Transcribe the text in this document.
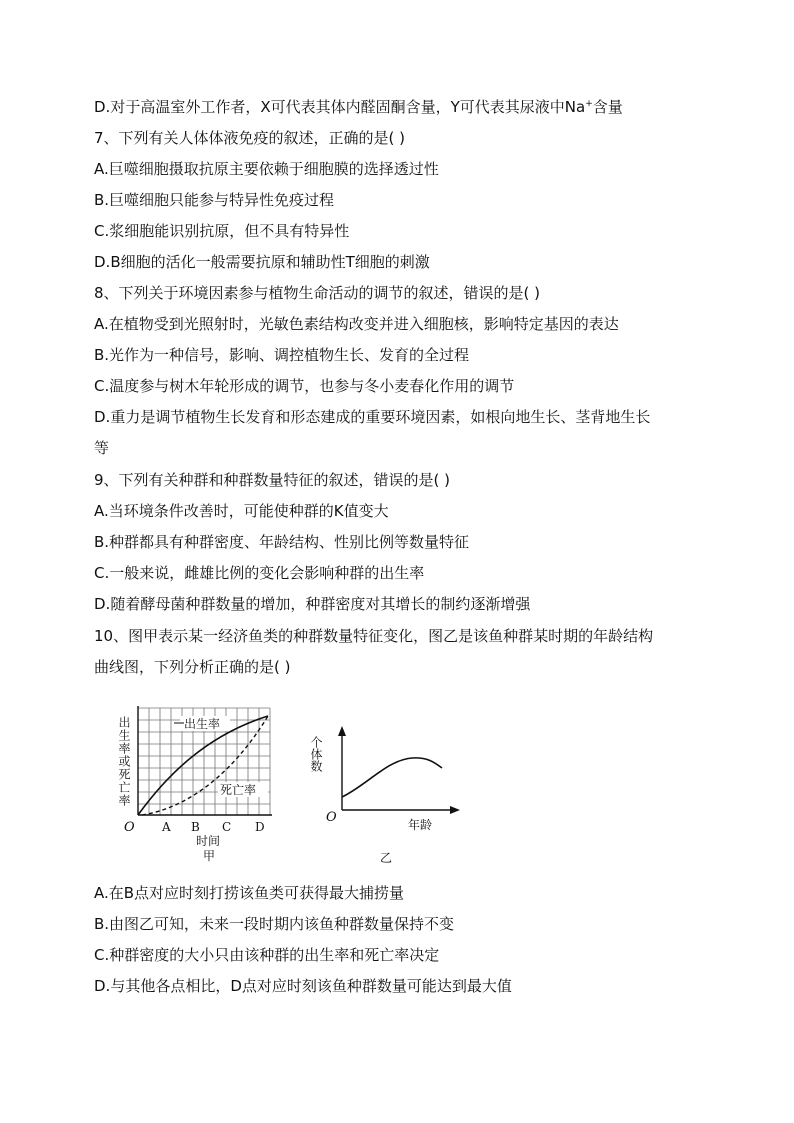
D.对于高温室外工作者，X可代表其体内醛固酮含量，Y可代表其尿液中Na+含量
7、下列有关人体体液免疫的叙述，正确的是( )
A.巨噬细胞摄取抗原主要依赖于细胞膜的选择透过性
B.巨噬细胞只能参与特异性免疫过程
C.浆细胞能识别抗原，但不具有特异性
D.B细胞的活化一般需要抗原和辅助性T细胞的刺激
8、下列关于环境因素参与植物生命活动的调节的叙述，错误的是( )
A.在植物受到光照射时，光敏色素结构改变并进入细胞核，影响特定基因的表达
B.光作为一种信号，影响、调控植物生长、发育的全过程
C.温度参与树木年轮形成的调节，也参与冬小麦春化作用的调节
D.重力是调节植物生长发育和形态建成的重要环境因素，如根向地生长、茎背地生长
等
9、下列有关种群和种群数量特征的叙述，错误的是( )
A.当环境条件改善时，可能使种群的K值变大
B.种群都具有种群密度、年龄结构、性别比例等数量特征
C.一般来说，雌雄比例的变化会影响种群的出生率
D.随着酵母菌种群数量的增加，种群密度对其增长的制约逐渐增强
10、图甲表示某一经济鱼类的种群数量特征变化，图乙是该鱼种群某时期的年龄结构
曲线图，下列分析正确的是( )
出生率
死亡率
出生率或死亡率
O A B C D
时间
甲
个体数
O	年龄
乙
A.在B点对应时刻打捞该鱼类可获得最大捕捞量
B.由图乙可知，未来一段时期内该鱼种群数量保持不变
C.种群密度的大小只由该种群的出生率和死亡率决定
D.与其他各点相比，D点对应时刻该鱼种群数量可能达到最大值
